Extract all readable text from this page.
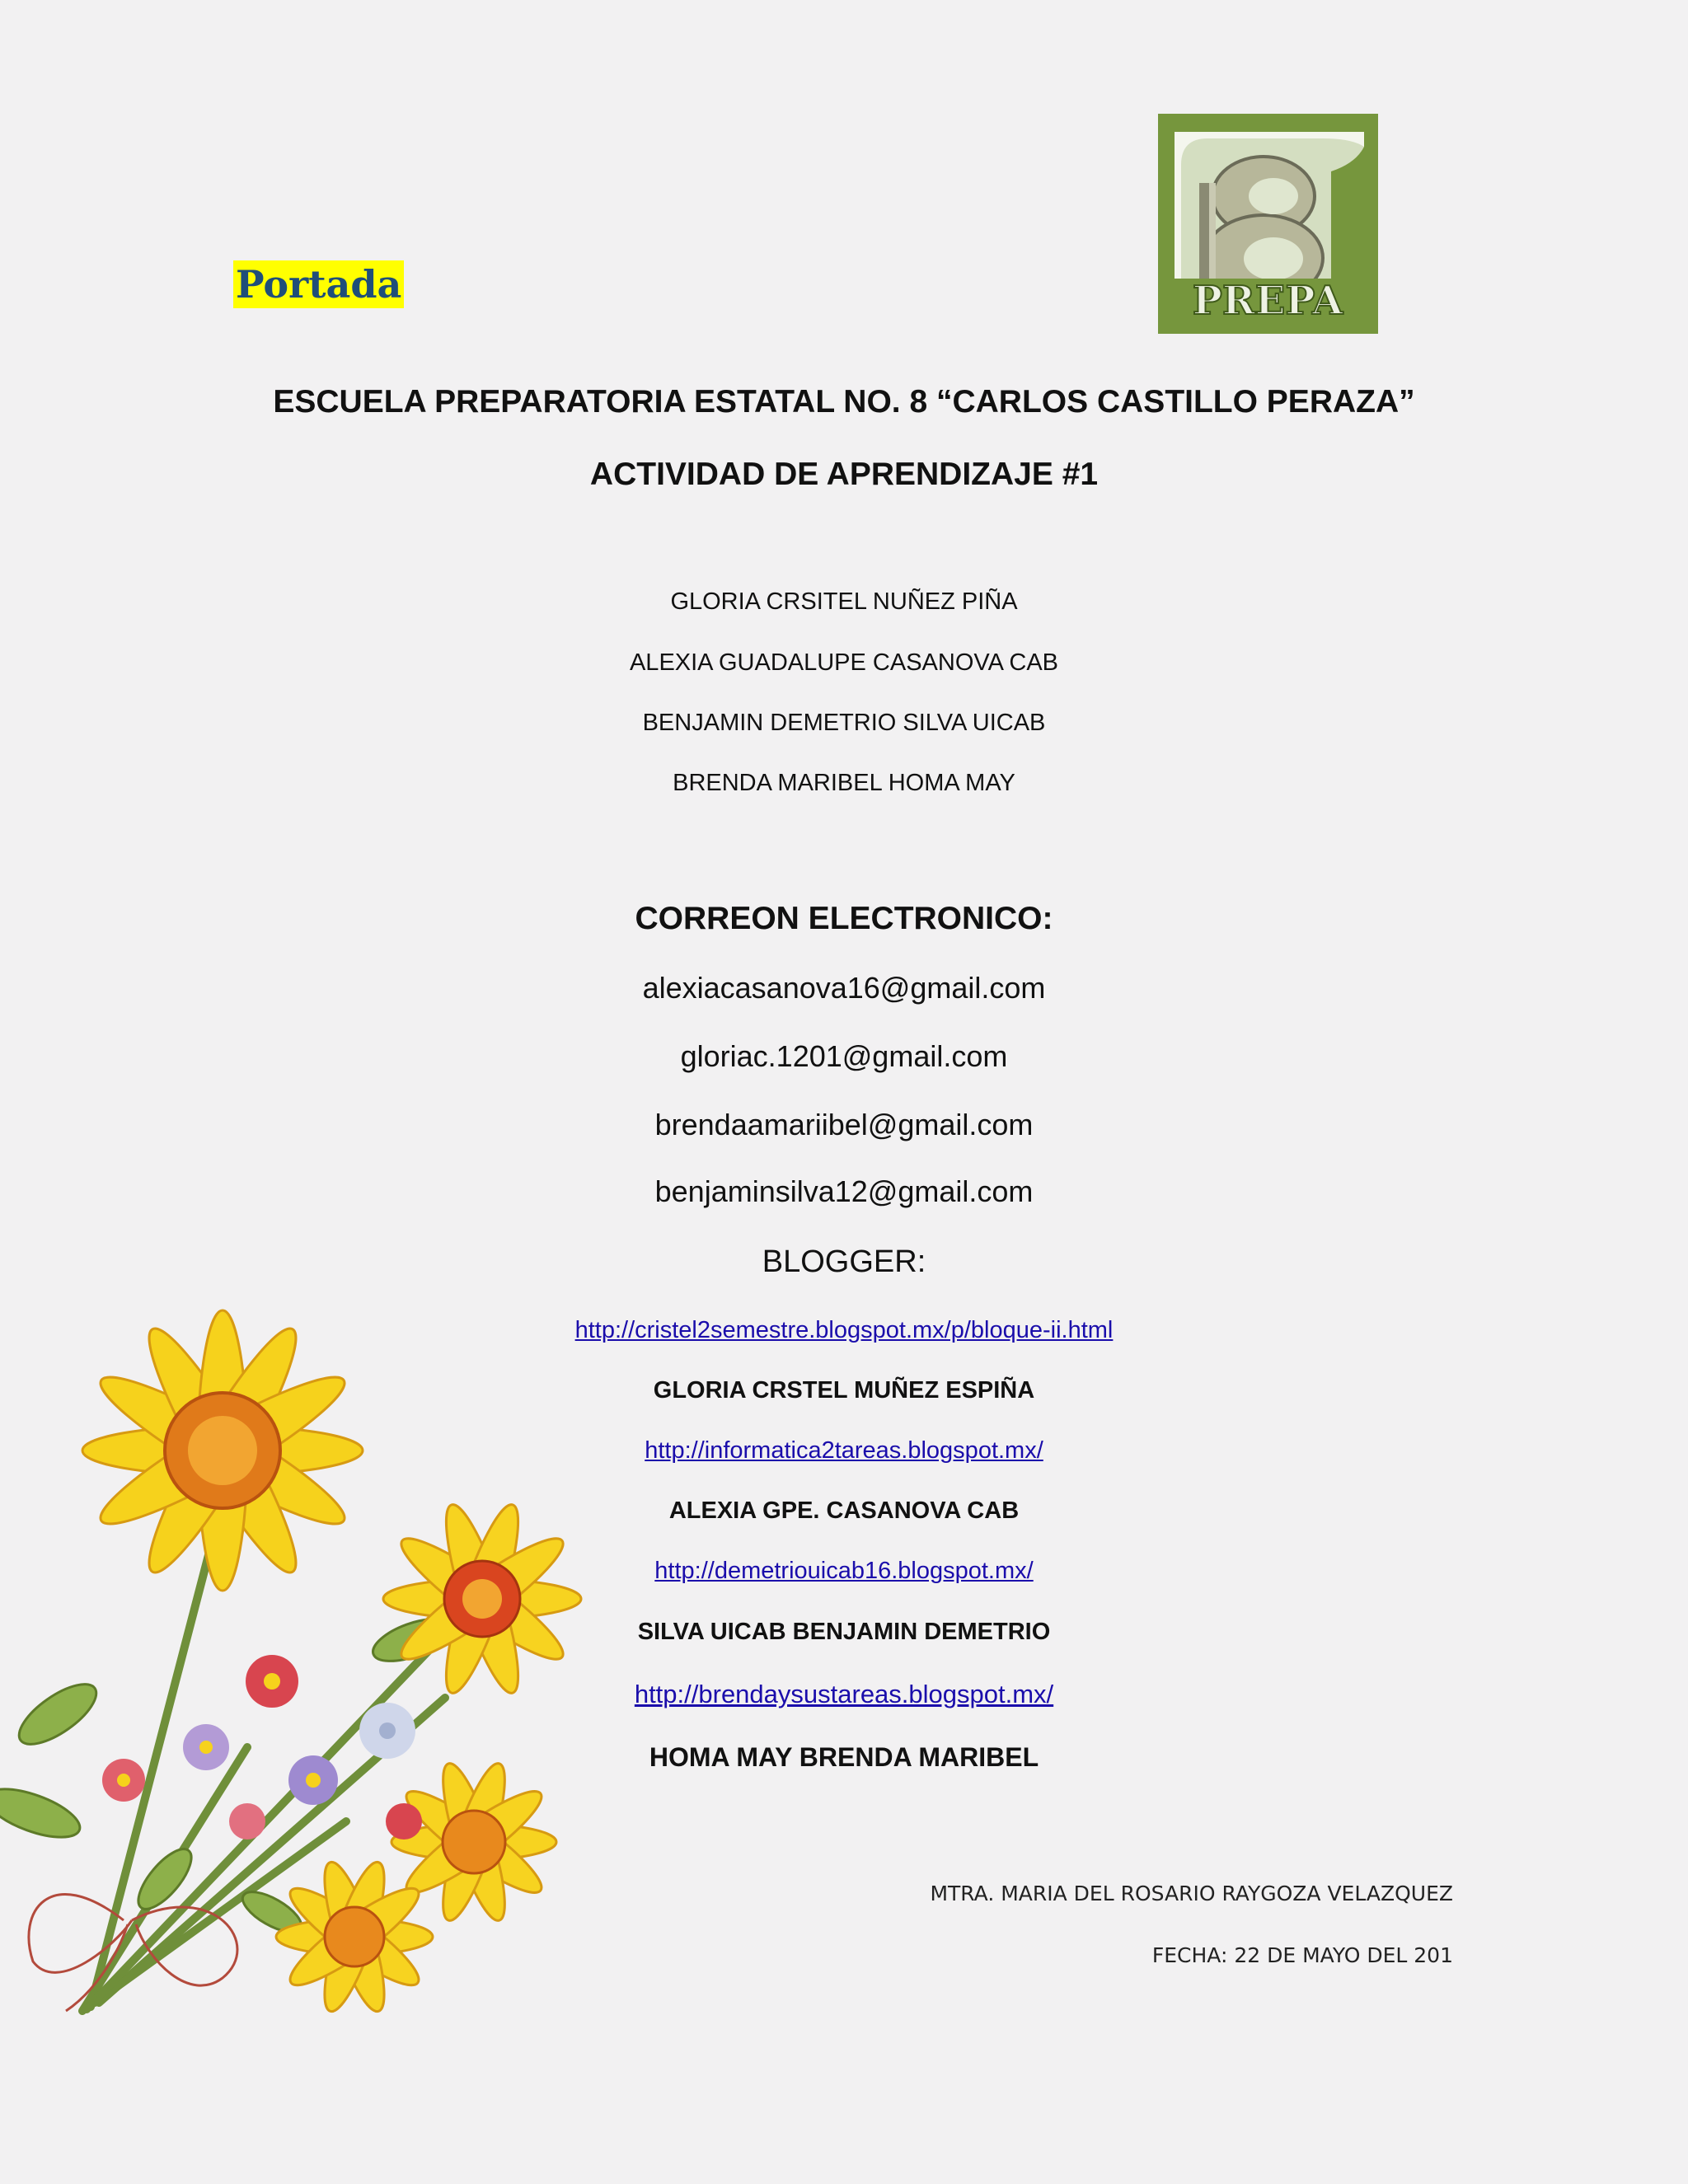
Portada	PREPA
ESCUELA PREPARATORIA ESTATAL NO. 8 “CARLOS CASTILLO PERAZA”
ACTIVIDAD DE APRENDIZAJE #1
GLORIA CRSITEL NUÑEZ PIÑA
ALEXIA GUADALUPE CASANOVA CAB
BENJAMIN DEMETRIO SILVA UICAB
BRENDA MARIBEL HOMA MAY
CORREON ELECTRONICO:
alexiacasanova16@gmail.com
gloriac.1201@gmail.com
brendaamariibel@gmail.com
benjaminsilva12@gmail.com
BLOGGER:
http://cristel2semestre.blogspot.mx/p/bloque-ii.html
GLORIA CRSTEL MUÑEZ ESPIÑA
http://informatica2tareas.blogspot.mx/
ALEXIA GPE. CASANOVA CAB
http://demetriouicab16.blogspot.mx/
SILVA UICAB BENJAMIN DEMETRIO
http://brendaysustareas.blogspot.mx/
HOMA MAY BRENDA MARIBEL
MTRA. MARIA DEL ROSARIO RAYGOZA VELAZQUEZ
FECHA: 22 DE MAYO DEL 201
